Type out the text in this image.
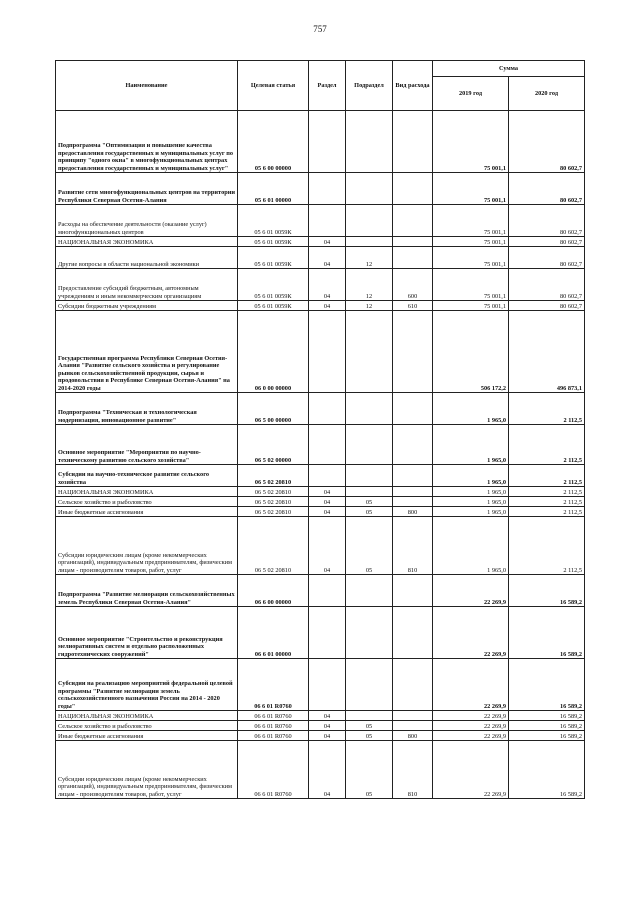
757
Наименование	Целевая статья	Раздел	Подраздел	Вид расхода	Сумма	
					2019 год	2020 год
Подпрограмма "Оптимизация и повышение качества предоставления государственных и муниципальных услуг по принципу "одного окна" в многофункциональных центрах предоставления государственных и муниципальных услуг"	05 6 00 00000				75 001,1	80 602,7
Развитие сети многофункциональных центров на территории Республики Северная Осетия-Алания	05 6 01 00000				75 001,1	80 602,7
Расходы на обеспечение деятельности (оказание услуг) многофункциональных центров	05 6 01 0059К				75 001,1	80 602,7
НАЦИОНАЛЬНАЯ ЭКОНОМИКА	05 6 01 0059К	04			75 001,1	80 602,7
Другие вопросы в области национальной экономики	05 6 01 0059К	04	12		75 001,1	80 602,7
Предоставление субсидий бюджетным, автономным учреждениям и иным некоммерческим организациям	05 6 01 0059К	04	12	600	75 001,1	80 602,7
Субсидии бюджетным учреждениям	05 6 01 0059К	04	12	610	75 001,1	80 602,7
Государственная программа Республики Северная Осетия-Алания "Развитие сельского хозяйства и регулирование рынков сельскохозяйственной продукции, сырья и продовольствия в Республике Северная Осетия-Алания" на 2014-2020 годы	06 0 00 00000				506 172,2	496 873,1
Подпрограмма "Техническая и технологическая модернизация, инновационное развитие"	06 5 00 00000				1 965,0	2 112,5
Основное мероприятие "Мероприятия по научно-техническому развитию сельского хозяйства"	06 5 02 00000				1 965,0	2 112,5
Субсидии на научно-техническое развитие сельского хозяйства	06 5 02 20810				1 965,0	2 112,5
НАЦИОНАЛЬНАЯ ЭКОНОМИКА	06 5 02 20810	04			1 965,0	2 112,5
Сельское хозяйство и рыболовство	06 5 02 20810	04	05		1 965,0	2 112,5
Иные бюджетные ассигнования	06 5 02 20810	04	05	800	1 965,0	2 112,5
Субсидии юридическим лицам (кроме некоммерческих организаций), индивидуальным предпринимателям, физическим лицам - производителям товаров, работ, услуг	06 5 02 20810	04	05	810	1 965,0	2 112,5
Подпрограмма "Развитие мелиорации сельскохозяйственных земель Республики Северная Осетия-Алания"	06 6 00 00000				22 269,9	16 589,2
Основное мероприятие "Строительство и реконструкция мелиоративных систем и отдельно расположенных гидротехнических сооружений"	06 6 01 00000				22 269,9	16 589,2
Субсидии на реализацию мероприятий федеральной целевой программы "Развитие мелиорации земель сельскохозяйственного назначения России на 2014 - 2020 годы"	06 6 01 R0760				22 269,9	16 589,2
НАЦИОНАЛЬНАЯ ЭКОНОМИКА	06 6 01 R0760	04			22 269,9	16 589,2
Сельское хозяйство и рыболовство	06 6 01 R0760	04	05		22 269,9	16 589,2
Иные бюджетные ассигнования	06 6 01 R0760	04	05	800	22 269,9	16 589,2
Субсидии юридическим лицам (кроме некоммерческих организаций), индивидуальным предпринимателям, физическим лицам - производителям товаров, работ, услуг	06 6 01 R0760	04	05	810	22 269,9	16 589,2
